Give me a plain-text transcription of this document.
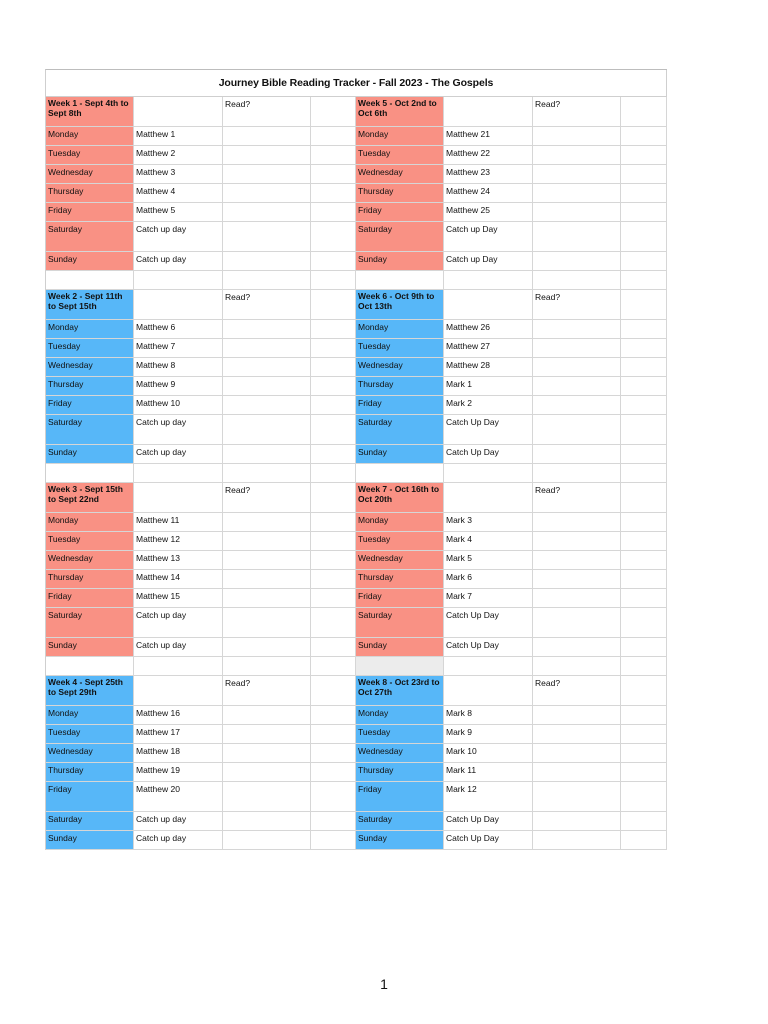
Journey Bible Reading Tracker - Fall 2023 - The Gospels
Week 1 - Sept 4th to Sept 8th
Read?
Monday	Matthew 1
Tuesday	Matthew 2
Wednesday	Matthew 3
Thursday	Matthew 4
Friday	Matthew 5
Saturday	Catch up day
Sunday	Catch up day
Week 5 - Oct 2nd to Oct 6th
Read?
Monday	Matthew 21
Tuesday	Matthew 22
Wednesday	Matthew 23
Thursday	Matthew 24
Friday	Matthew 25
Saturday	Catch up Day
Sunday	Catch up Day
Week 2 - Sept 11th to Sept 15th
Read?
Monday	Matthew 6
Tuesday	Matthew 7
Wednesday	Matthew 8
Thursday	Matthew 9
Friday	Matthew 10
Saturday	Catch up day
Sunday	Catch up day
Week 6 - Oct 9th to Oct 13th
Read?
Monday	Matthew 26
Tuesday	Matthew 27
Wednesday	Matthew 28
Thursday	Mark 1
Friday	Mark 2
Saturday	Catch Up Day
Sunday	Catch Up Day
Week 3 - Sept 15th to Sept 22nd
Read?
Monday	Matthew 11
Tuesday	Matthew 12
Wednesday	Matthew 13
Thursday	Matthew 14
Friday	Matthew 15
Saturday	Catch up day
Sunday	Catch up day
Week 7 - Oct 16th to Oct 20th
Read?
Monday	Mark 3
Tuesday	Mark 4
Wednesday	Mark 5
Thursday	Mark 6
Friday	Mark 7
Saturday	Catch Up Day
Sunday	Catch Up Day
Week 4 - Sept 25th to Sept 29th
Read?
Monday	Matthew 16
Tuesday	Matthew 17
Wednesday	Matthew 18
Thursday	Matthew 19
Friday	Matthew 20
Saturday	Catch up day
Sunday	Catch up day
Week 8 - Oct 23rd to Oct 27th
Read?
Monday	Mark 8
Tuesday	Mark 9
Wednesday	Mark 10
Thursday	Mark 11
Friday	Mark 12
Saturday	Catch Up Day
Sunday	Catch Up Day
1
